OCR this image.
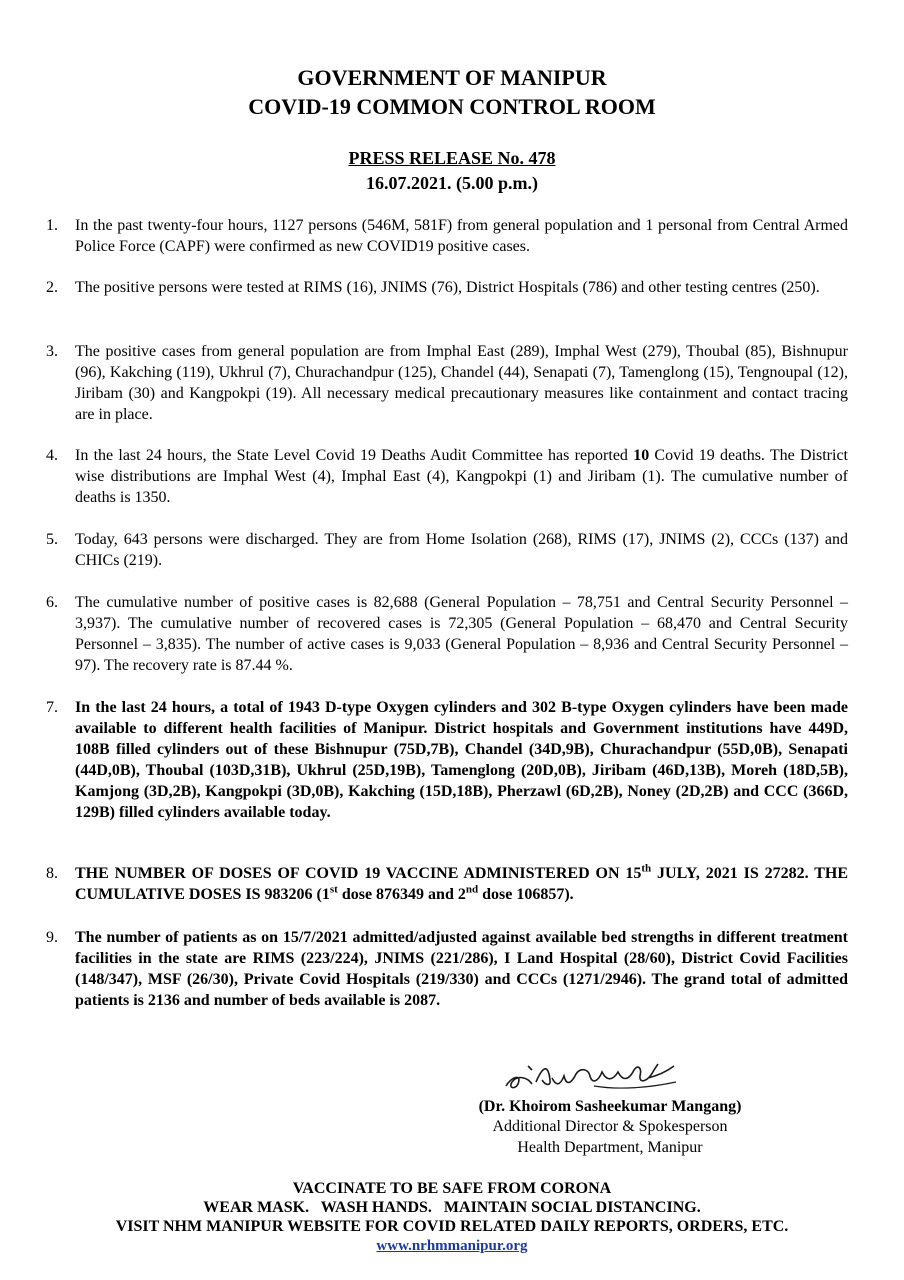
GOVERNMENT OF MANIPUR
COVID-19 COMMON CONTROL ROOM
PRESS RELEASE No. 478
16.07.2021. (5.00 p.m.)
1.	In the past twenty-four hours, 1127 persons (546M, 581F) from general population and 1 personal from Central Armed Police Force (CAPF) were confirmed as new COVID19 positive cases.
2.	The positive persons were tested at RIMS (16), JNIMS (76), District Hospitals (786) and other testing centres (250).
3.	The positive cases from general population are from Imphal East (289), Imphal West (279), Thoubal (85), Bishnupur (96), Kakching (119), Ukhrul (7), Churachandpur (125), Chandel (44), Senapati (7), Tamenglong (15), Tengnoupal (12), Jiribam (30) and Kangpokpi (19). All necessary medical precautionary measures like containment and contact tracing are in place.
4.	In the last 24 hours, the State Level Covid 19 Deaths Audit Committee has reported 10 Covid 19 deaths. The District wise distributions are Imphal West (4), Imphal East (4), Kangpokpi (1) and Jiribam (1). The cumulative number of deaths is 1350.
5.	Today, 643 persons were discharged. They are from Home Isolation (268), RIMS (17), JNIMS (2), CCCs (137) and CHICs (219).
6.	The cumulative number of positive cases is 82,688 (General Population – 78,751 and Central Security Personnel – 3,937). The cumulative number of recovered cases is 72,305 (General Population – 68,470 and Central Security Personnel – 3,835). The number of active cases is 9,033 (General Population – 8,936 and Central Security Personnel – 97). The recovery rate is 87.44 %.
7.	In the last 24 hours, a total of 1943 D-type Oxygen cylinders and 302 B-type Oxygen cylinders have been made available to different health facilities of Manipur. District hospitals and Government institutions have 449D, 108B filled cylinders out of these Bishnupur (75D,7B), Chandel (34D,9B), Churachandpur (55D,0B), Senapati (44D,0B), Thoubal (103D,31B), Ukhrul (25D,19B), Tamenglong (20D,0B), Jiribam (46D,13B), Moreh (18D,5B), Kamjong (3D,2B), Kangpokpi (3D,0B), Kakching (15D,18B), Pherzawl (6D,2B), Noney (2D,2B) and CCC (366D, 129B) filled cylinders available today.
8.	THE NUMBER OF DOSES OF COVID 19 VACCINE ADMINISTERED ON 15th JULY, 2021 IS 27282. THE CUMULATIVE DOSES IS 983206 (1st dose 876349 and 2nd dose 106857).
9.	The number of patients as on 15/7/2021 admitted/adjusted against available bed strengths in different treatment facilities in the state are RIMS (223/224), JNIMS (221/286), I Land Hospital (28/60), District Covid Facilities (148/347), MSF (26/30), Private Covid Hospitals (219/330) and CCCs (1271/2946). The grand total of admitted patients is 2136 and number of beds available is 2087.
(Dr. Khoirom Sasheekumar Mangang)
Additional Director & Spokesperson
Health Department, Manipur
VACCINATE TO BE SAFE FROM CORONA
WEAR MASK.   WASH HANDS.   MAINTAIN SOCIAL DISTANCING.
VISIT NHM MANIPUR WEBSITE FOR COVID RELATED DAILY REPORTS, ORDERS, ETC.
www.nrhmmanipur.org
